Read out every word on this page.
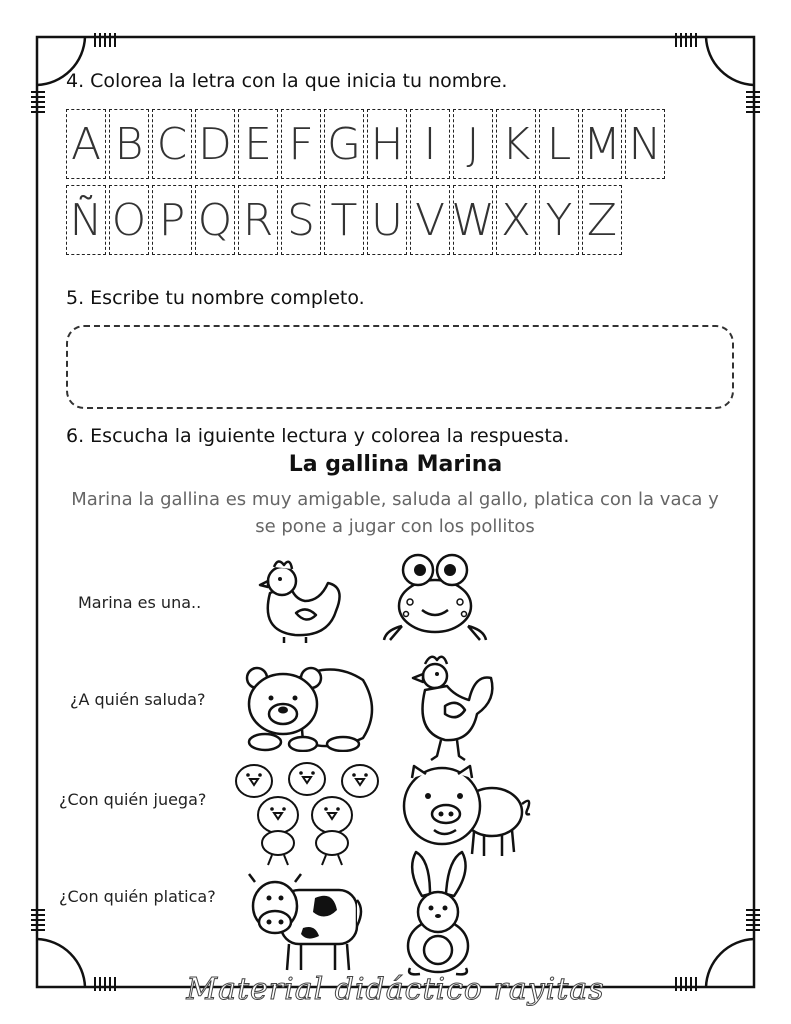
4. Colorea la letra con la que inicia tu nombre.
A B C D E F G H I J K L M N
Ñ O P Q R S T U V W X Y Z
5. Escribe tu nombre completo.
6. Escucha la iguiente lectura y colorea la respuesta.
La gallina Marina
Marina la gallina es muy amigable, saluda al gallo, platica con la vaca y se pone a jugar con los pollitos
Marina es una..
¿A quién saluda?
¿Con quién juega?
¿Con quién platica?
Material didáctico rayitas
